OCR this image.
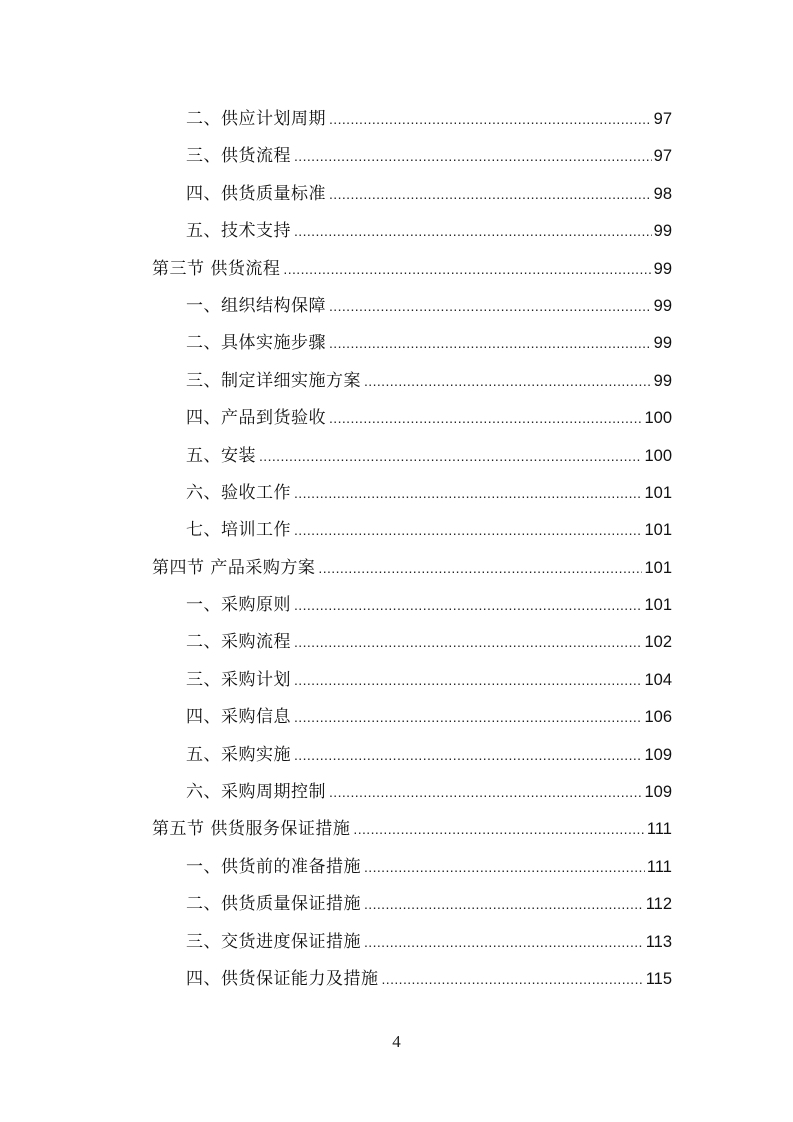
二、供应计划周期 .....	97
三、供货流程 .....	97
四、供货质量标准 .....	98
五、技术支持 .....	99
第三节 供货流程 .....	99
一、组织结构保障 .....	99
二、具体实施步骤 .....	99
三、制定详细实施方案 .....	99
四、产品到货验收 .....	100
五、安装 .....	100
六、验收工作 .....	101
七、培训工作 .....	101
第四节 产品采购方案 .....	101
一、采购原则 .....	101
二、采购流程 .....	102
三、采购计划 .....	104
四、采购信息 .....	106
五、采购实施 .....	109
六、采购周期控制 .....	109
第五节 供货服务保证措施 .....	111
一、供货前的准备措施 .....	111
二、供货质量保证措施 .....	112
三、交货进度保证措施 .....	113
四、供货保证能力及措施 .....	115
4
